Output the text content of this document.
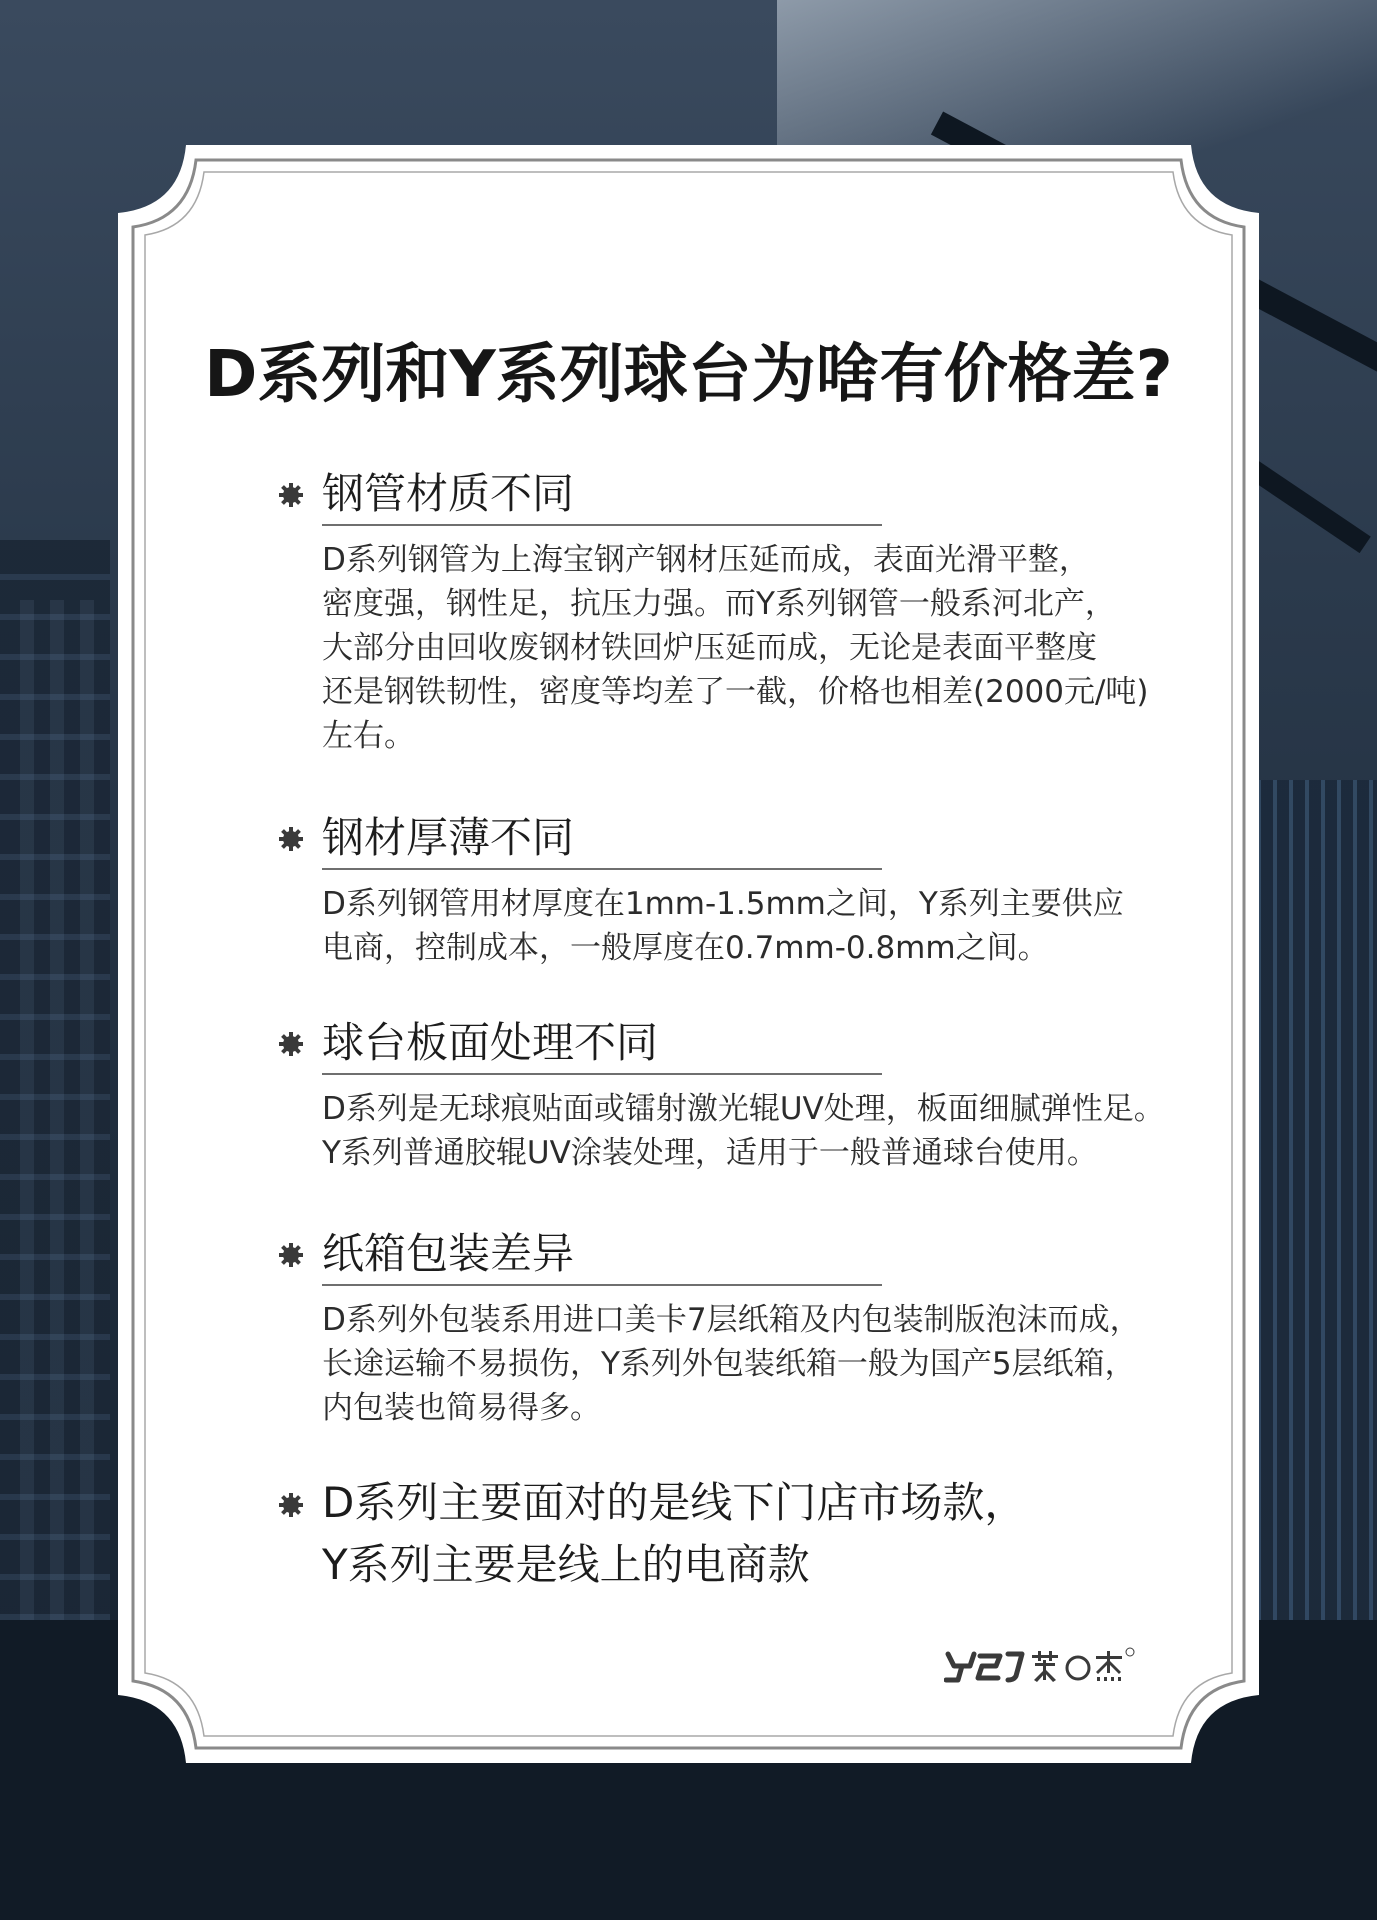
D系列和Y系列球台为啥有价格差?
钢管材质不同
D系列钢管为上海宝钢产钢材压延而成，表面光滑平整，
密度强，钢性足，抗压力强。而Y系列钢管一般系河北产，
大部分由回收废钢材铁回炉压延而成，无论是表面平整度
还是钢铁韧性，密度等均差了一截，价格也相差(2000元/吨)
左右。
钢材厚薄不同
D系列钢管用材厚度在1mm-1.5mm之间，Y系列主要供应
电商，控制成本，一般厚度在0.7mm-0.8mm之间。
球台板面处理不同
D系列是无球痕贴面或镭射激光辊UV处理，板面细腻弹性足。
Y系列普通胶辊UV涂装处理，适用于一般普通球台使用。
纸箱包装差异
D系列外包装系用进口美卡7层纸箱及内包装制版泡沫而成，
长途运输不易损伤，Y系列外包装纸箱一般为国产5层纸箱，
内包装也简易得多。
D系列主要面对的是线下门店市场款，
Y系列主要是线上的电商款
